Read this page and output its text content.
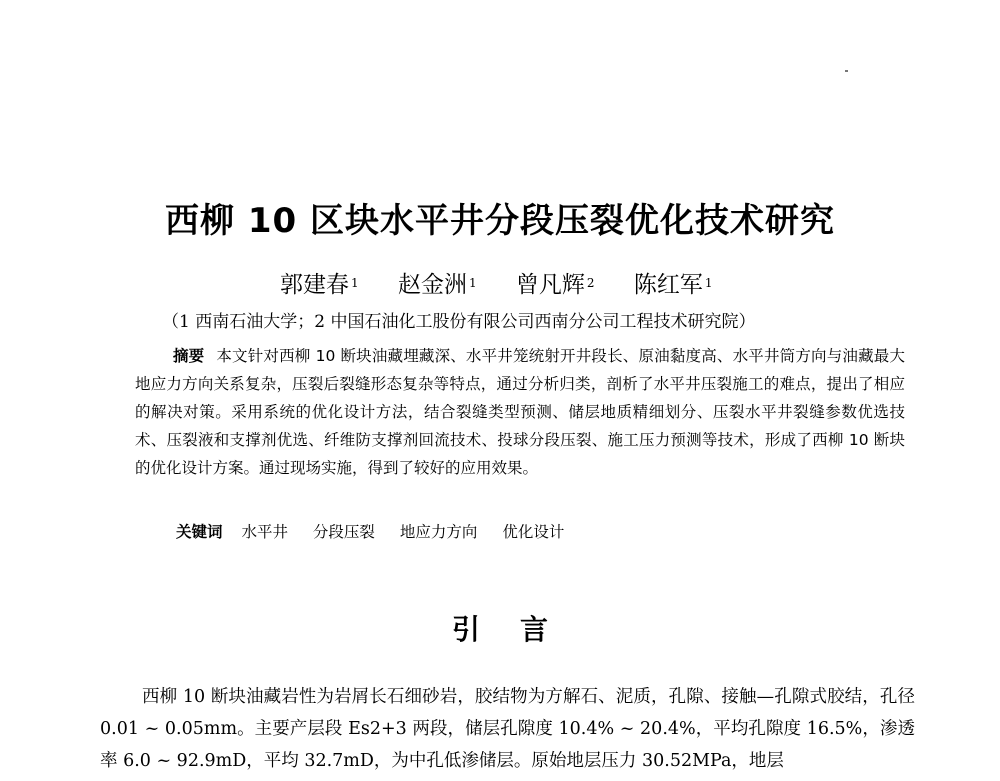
西柳 10 区块水平井分段压裂优化技术研究
郭建春 $^1$ 赵金洲 $^1$ 曾凡辉 $^2$ 陈红军 $^1$
（1 西南石油大学；2 中国石油化工股份有限公司西南分公司工程技术研究院）
摘要 本文针对西柳 10 断块油藏埋藏深、水平井笼统射开井段长、原油黏度高、水平井筒方向与油藏最大地应力方向关系复杂，压裂后裂缝形态复杂等特点，通过分析归类，剖析了水平井压裂施工的难点，提出了相应的解决对策。采用系统的优化设计方法，结合裂缝类型预测、储层地质精细划分、压裂水平井裂缝参数优选技术、压裂液和支撑剂优选、纤维防支撑剂回流技术、投球分段压裂、施工压力预测等技术，形成了西柳 10 断块的优化设计方案。通过现场实施，得到了较好的应用效果。
关键词 水平井 分段压裂 地应力方向 优化设计
引言
西柳 10 断块油藏岩性为岩屑长石细砂岩，胶结物为方解石、泥质，孔隙、接触—孔隙式胶结，孔径 0.01 ~ 0.05mm。主要产层段 Es2+3 两段，储层孔隙度 10.4% ~ 20.4%，平均孔隙度 16.5%，渗透率 6.0 ~ 92.9mD，平均 32.7mD，为中孔低渗储层。原始地层压力 30.52MPa，地层
